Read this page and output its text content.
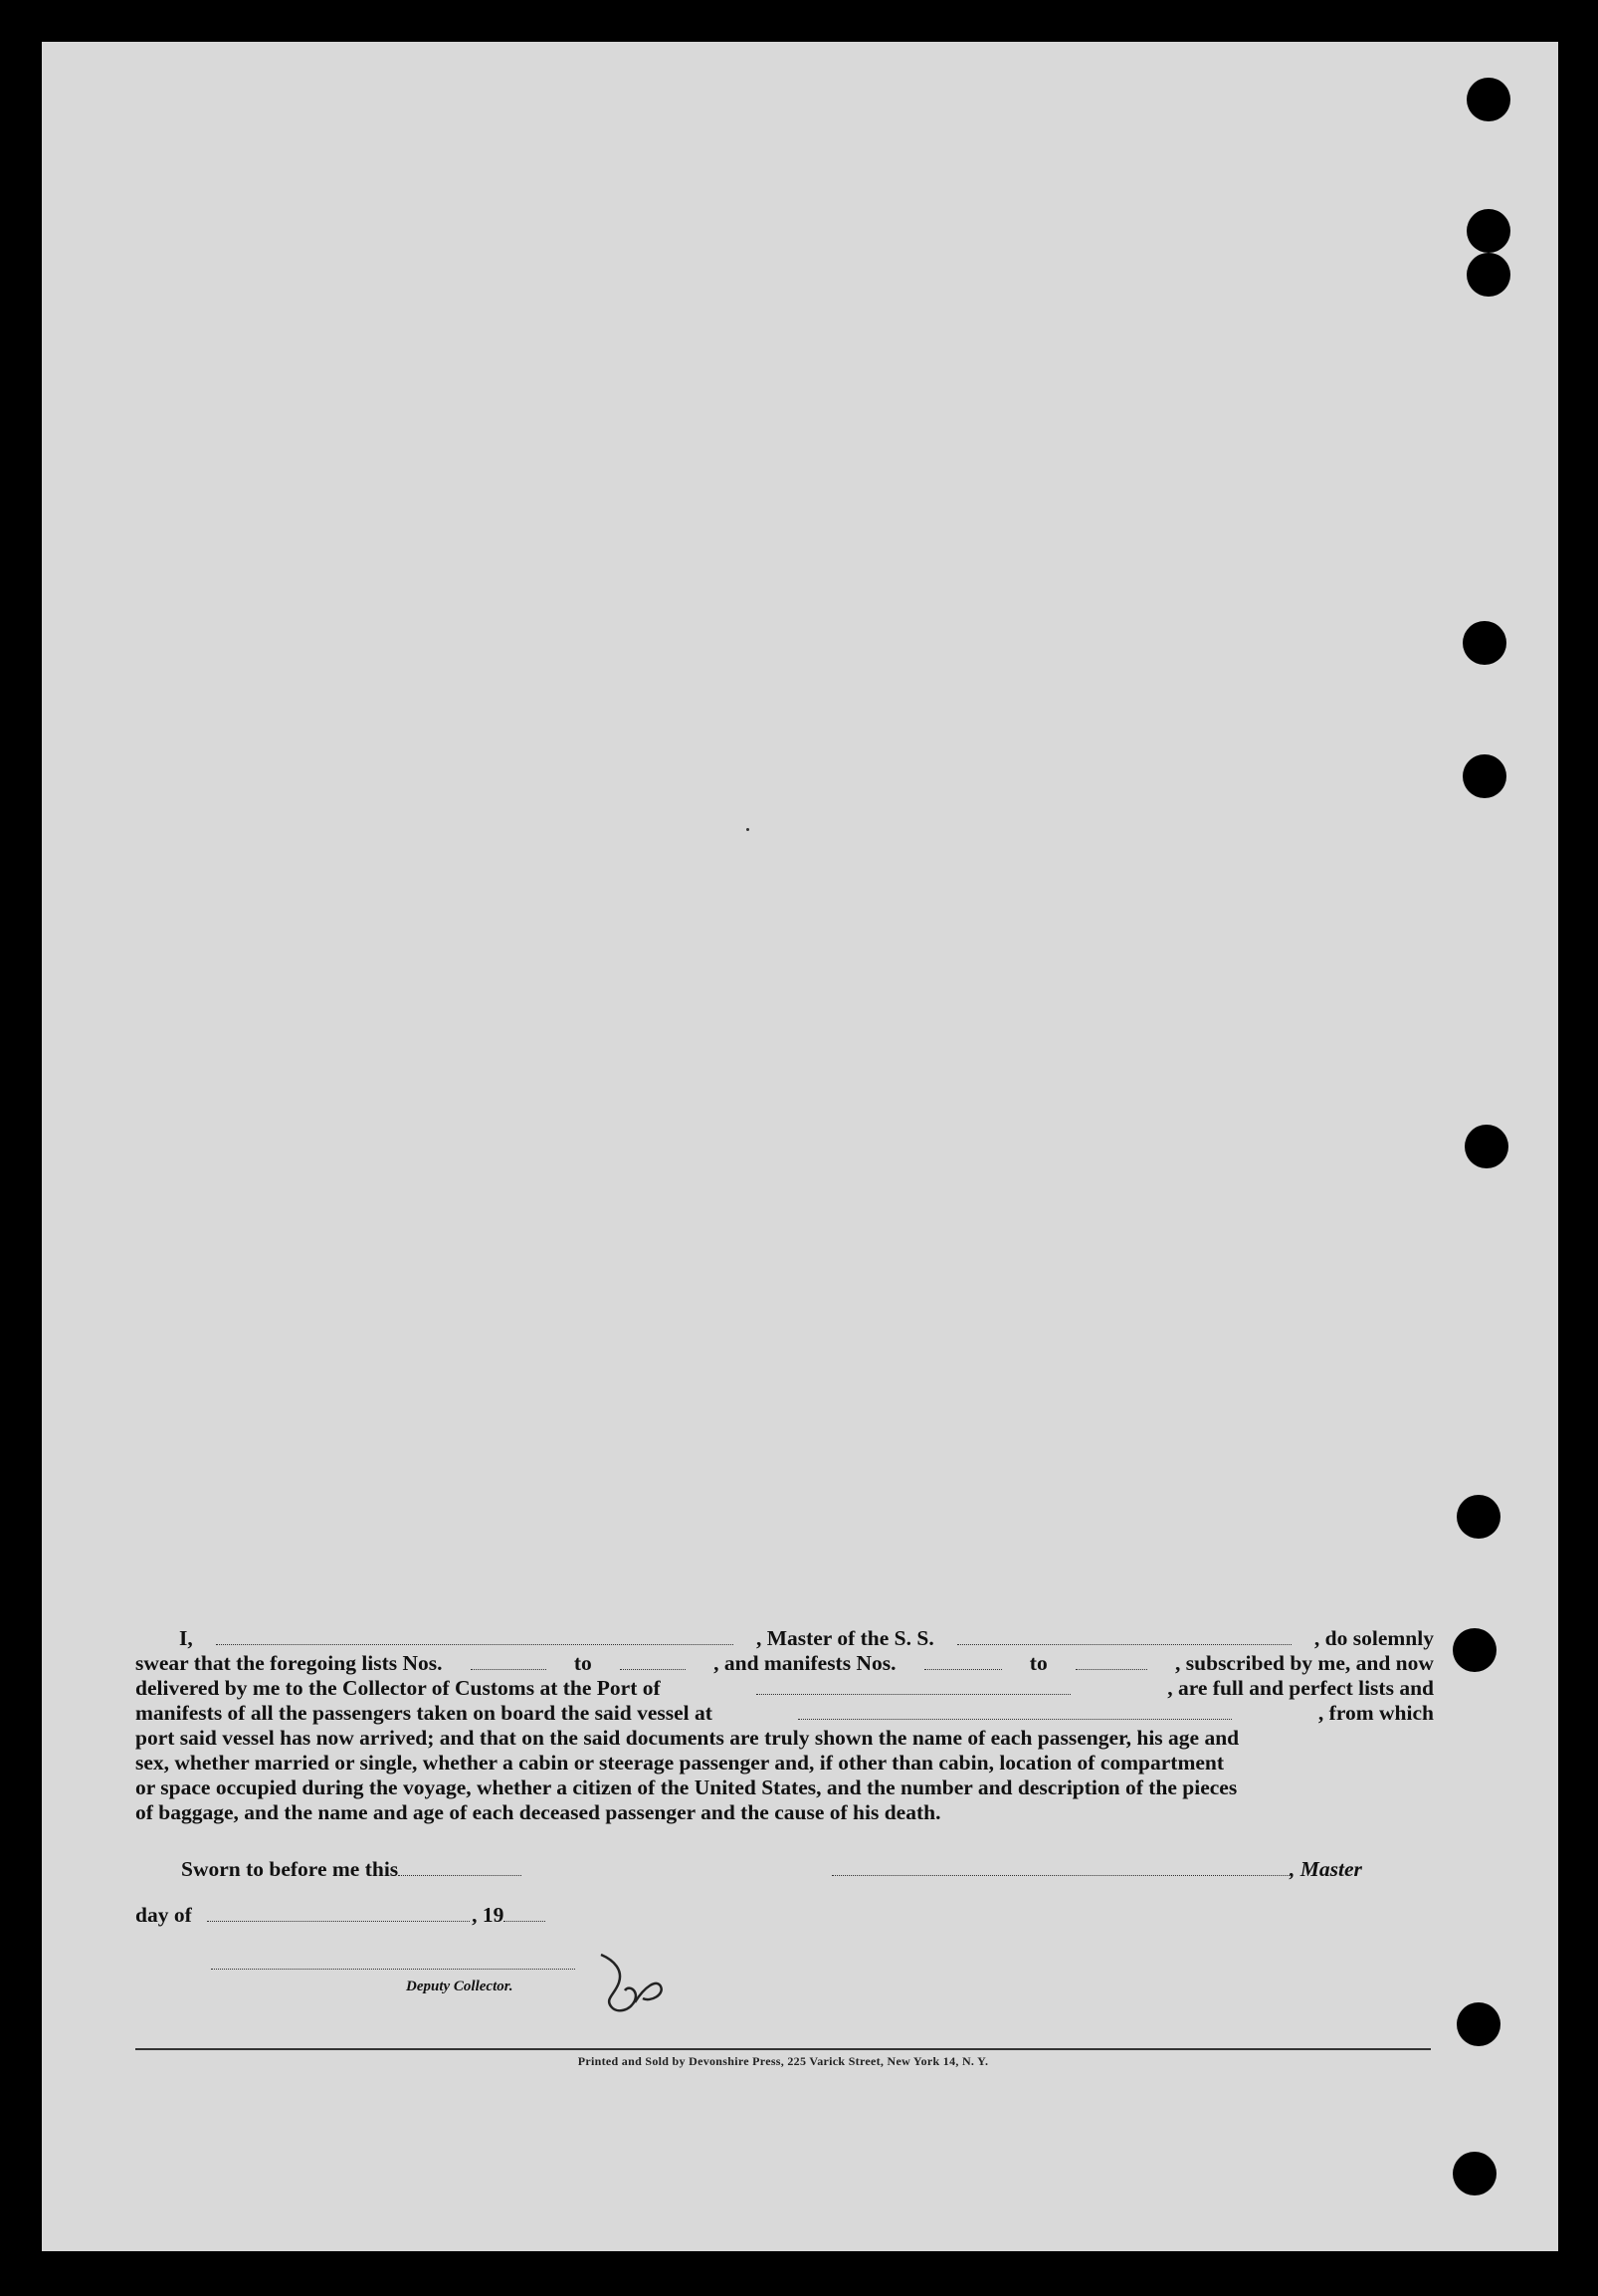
I,	, Master of the S. S.	, do solemnly
swear that the foregoing lists Nos.	to	, and manifests Nos.	to	, subscribed by me, and now
delivered by me to the Collector of Customs at the Port of	, are full and perfect lists and
manifests of all the passengers taken on board the said vessel at	, from which
port said vessel has now arrived; and that on the said documents are truly shown the name of each passenger, his age and
sex, whether married or single, whether a cabin or steerage passenger and, if other than cabin, location of compartment
or space occupied during the voyage, whether a citizen of the United States, and the number and description of the pieces
of baggage, and the name and age of each deceased passenger and the cause of his death.
Sworn to before me this	, Master
day of	, 19
Deputy Collector.
Printed and Sold by Devonshire Press, 225 Varick Street, New York 14, N. Y.
